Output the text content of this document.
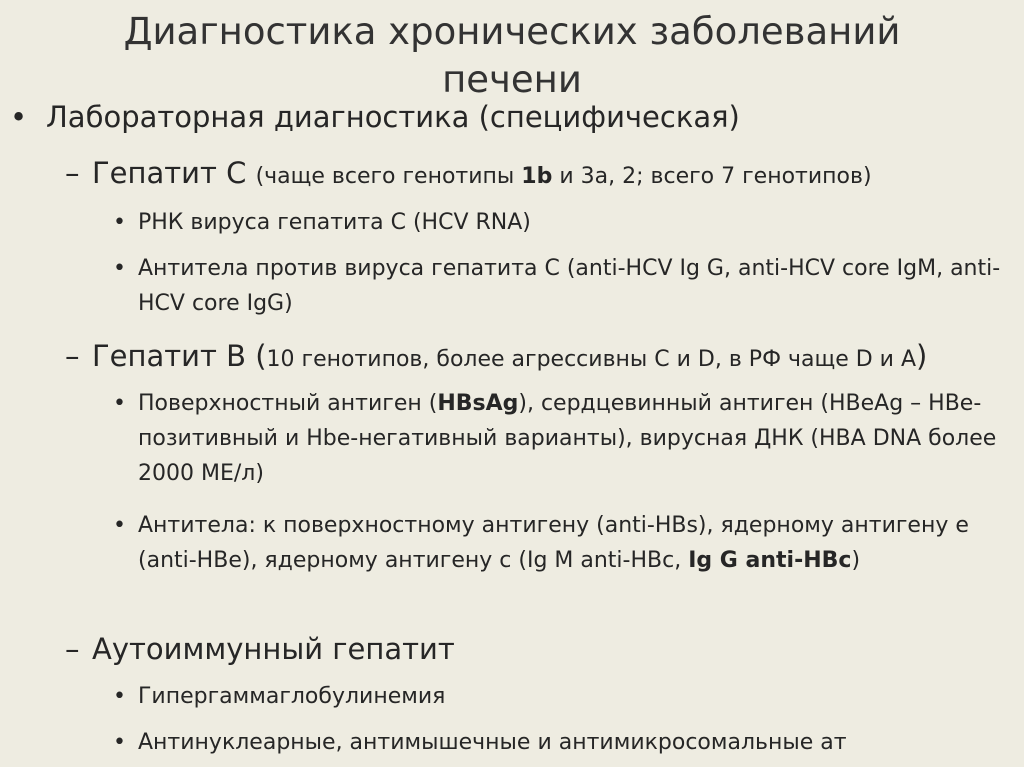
Диагностика хронических заболеваний
печени
• Лабораторная диагностика (специфическая)
– Гепатит С (чаще всего генотипы 1b и 3а, 2; всего 7 генотипов)
• РНК вируса гепатита С (HCV RNA)
• Антитела против вируса гепатита С (anti-HCV Ig G, anti-HCV core IgM, anti-HCV core IgG)
– Гепатит В (10 генотипов, более агрессивны С и D, в РФ чаще D и А)
• Поверхностный антиген (HBsAg), сердцевинный антиген (HBeAg – HBe-позитивный и Hbe-негативный варианты), вирусная ДНК (HBA DNA более 2000 МЕ/л)
• Антитела: к поверхностному антигену (anti-HBs), ядерному антигену е (anti-HBe), ядерному антигену с (Ig M anti-HBc, Ig G anti-HBc)
– Аутоиммунный гепатит
• Гипергаммаглобулинемия
• Антинуклеарные, антимышечные и антимикросомальные ат
